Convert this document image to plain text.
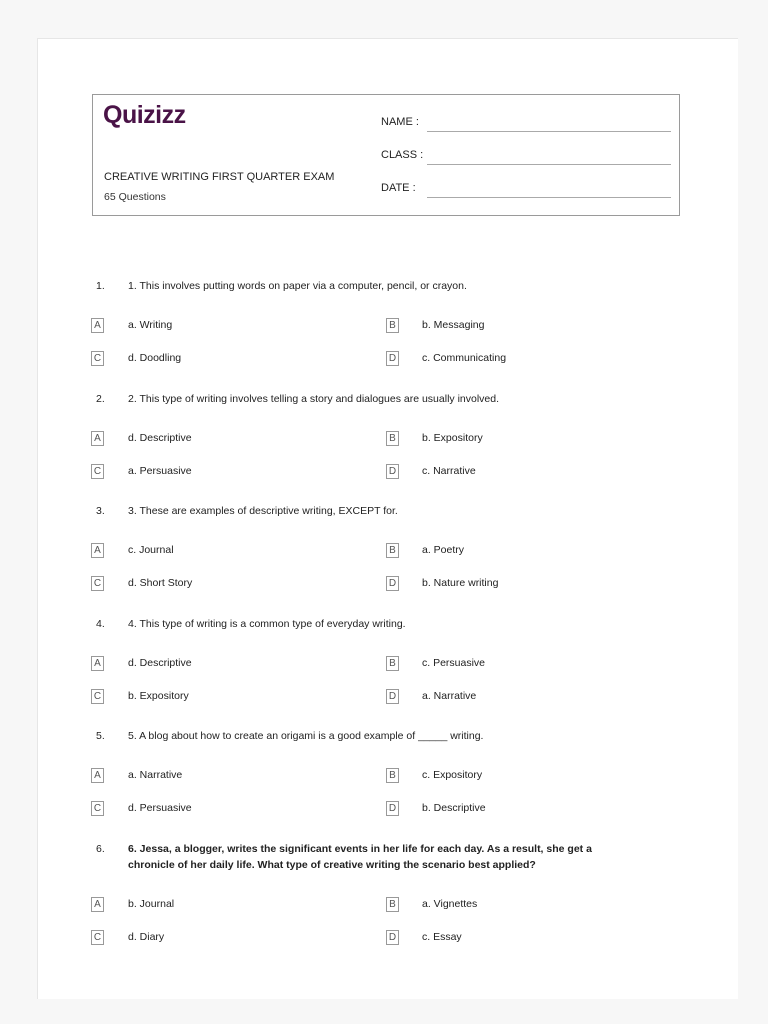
Quizizz
CREATIVE WRITING FIRST QUARTER EXAM
65 Questions
NAME :
CLASS :
DATE :
1. 1. This involves putting words on paper via a computer, pencil, or crayon.
A	a. Writing	B	b. Messaging
C	d. Doodling	D c. Communicating
2. 2. This type of writing involves telling a story and dialogues are usually involved.
A	d. Descriptive	B	b. Expository
C	a. Persuasive	D c. Narrative
3. 3. These are examples of descriptive writing, EXCEPT for.
A	c. Journal	B	a. Poetry
C	d. Short Story	D b. Nature writing
4. 4. This type of writing is a common type of everyday writing.
A	d. Descriptive	B	c. Persuasive
C	b. Expository	D a. Narrative
5. 5. A blog about how to create an origami is a good example of _____ writing.
A	a. Narrative	B	c. Expository
C	d. Persuasive	D b. Descriptive
6. 6. Jessa, a blogger, writes the significant events in her life for each day. As a result, she get a chronicle of her daily life. What type of creative writing the scenario best applied?
A	b. Journal	B	a. Vignettes
C	d. Diary	D c. Essay
